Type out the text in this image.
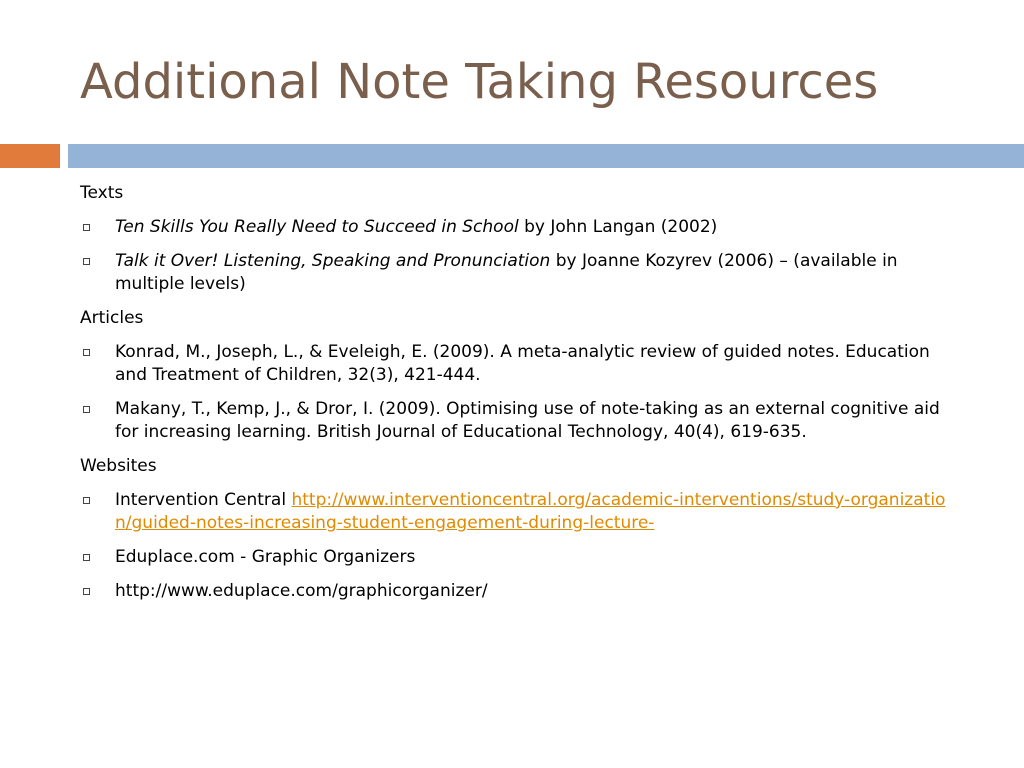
Additional Note Taking Resources

Texts

Ten Skills You Really Need to Succeed in School by John Langan (2002)
Talk it Over! Listening, Speaking and Pronunciation by Joanne Kozyrev (2006) – (available in multiple levels)

Articles

Konrad, M., Joseph, L., & Eveleigh, E. (2009). A meta-analytic review of guided notes. Education and Treatment of Children, 32(3), 421-444.
Makany, T., Kemp, J., & Dror, I. (2009). Optimising use of note-taking as an external cognitive aid for increasing learning. British Journal of Educational Technology, 40(4), 619-635.

Websites

Intervention Central http://www.interventioncentral.org/academic-interventions/study-organization/guided-notes-increasing-student-engagement-during-lecture-
Eduplace.com - Graphic Organizers
http://www.eduplace.com/graphicorganizer/
